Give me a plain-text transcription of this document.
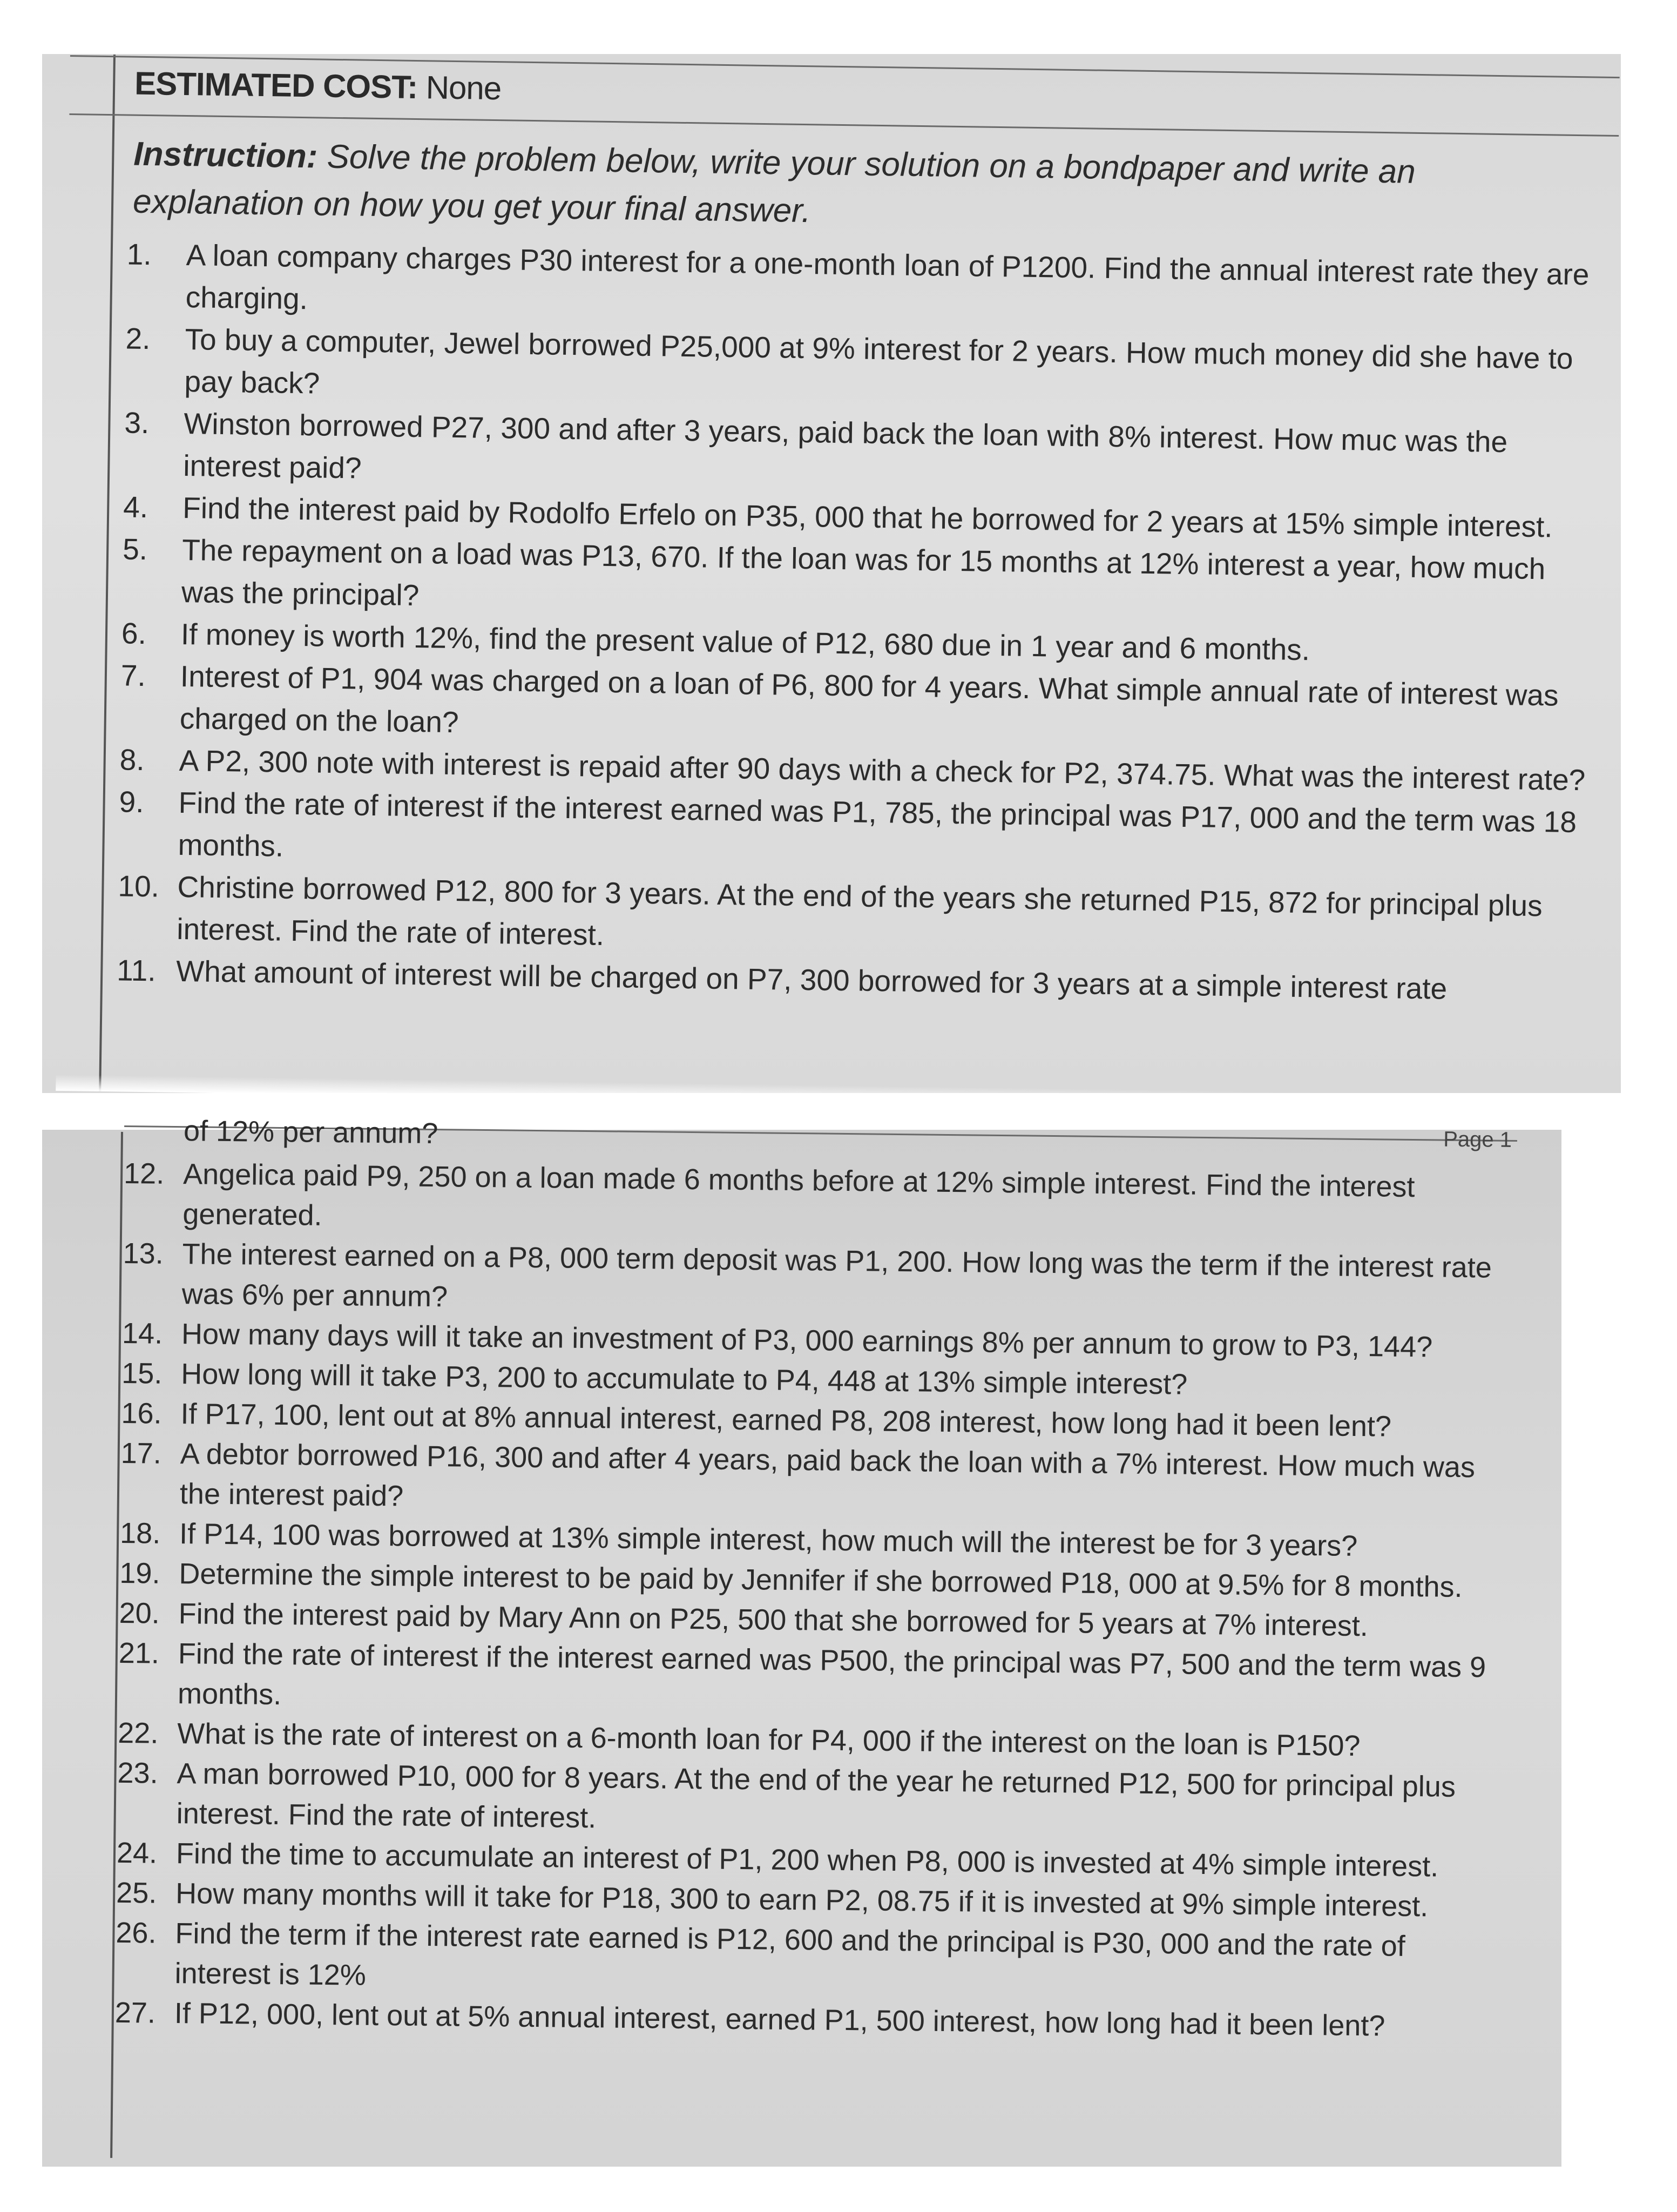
ESTIMATED COST: None
Instruction: Solve the problem below, write your solution on a bondpaper and write an explanation on how you get your final answer.
1.	A loan company charges P30 interest for a one-month loan of P1200. Find the annual interest rate they are charging.
2.	To buy a computer, Jewel borrowed P25,000 at 9% interest for 2 years. How much money did she have to pay back?
3.	Winston borrowed P27, 300 and after 3 years, paid back the loan with 8% interest. How muc was the interest paid?
4.	Find the interest paid by Rodolfo Erfelo on P35, 000 that he borrowed for 2 years at 15% simple interest.
5.	The repayment on a load was P13, 670. If the loan was for 15 months at 12% interest a year, how much was the principal?
6.	If money is worth 12%, find the present value of P12, 680 due in 1 year and 6 months.
7.	Interest of P1, 904 was charged on a loan of P6, 800 for 4 years. What simple annual rate of interest was charged on the loan?
8.	A P2, 300 note with interest is repaid after 90 days with a check for P2, 374.75. What was the interest rate?
9.	Find the rate of interest if the interest earned was P1, 785, the principal was P17, 000 and the term was 18 months.
10. Christine borrowed P12, 800 for 3 years. At the end of the years she returned P15, 872 for principal plus interest. Find the rate of interest.
11. What amount of interest will be charged on P7, 300 borrowed for 3 years at a simple interest rate
Page 1
of 12% per annum?
12. Angelica paid P9, 250 on a loan made 6 months before at 12% simple interest. Find the interest generated.
13. The interest earned on a P8, 000 term deposit was P1, 200. How long was the term if the interest rate was 6% per annum?
14. How many days will it take an investment of P3, 000 earnings 8% per annum to grow to P3, 144?
15. How long will it take P3, 200 to accumulate to P4, 448 at 13% simple interest?
16. If P17, 100, lent out at 8% annual interest, earned P8, 208 interest, how long had it been lent?
17. A debtor borrowed P16, 300 and after 4 years, paid back the loan with a 7% interest. How much was the interest paid?
18. If P14, 100 was borrowed at 13% simple interest, how much will the interest be for 3 years?
19. Determine the simple interest to be paid by Jennifer if she borrowed P18, 000 at 9.5% for 8 months.
20. Find the interest paid by Mary Ann on P25, 500 that she borrowed for 5 years at 7% interest.
21. Find the rate of interest if the interest earned was P500, the principal was P7, 500 and the term was 9 months.
22. What is the rate of interest on a 6-month loan for P4, 000 if the interest on the loan is P150?
23. A man borrowed P10, 000 for 8 years. At the end of the year he returned P12, 500 for principal plus interest. Find the rate of interest.
24. Find the time to accumulate an interest of P1, 200 when P8, 000 is invested at 4% simple interest.
25. How many months will it take for P18, 300 to earn P2, 08.75 if it is invested at 9% simple interest.
26. Find the term if the interest rate earned is P12, 600 and the principal is P30, 000 and the rate of interest is 12%
27. If P12, 000, lent out at 5% annual interest, earned P1, 500 interest, how long had it been lent?
